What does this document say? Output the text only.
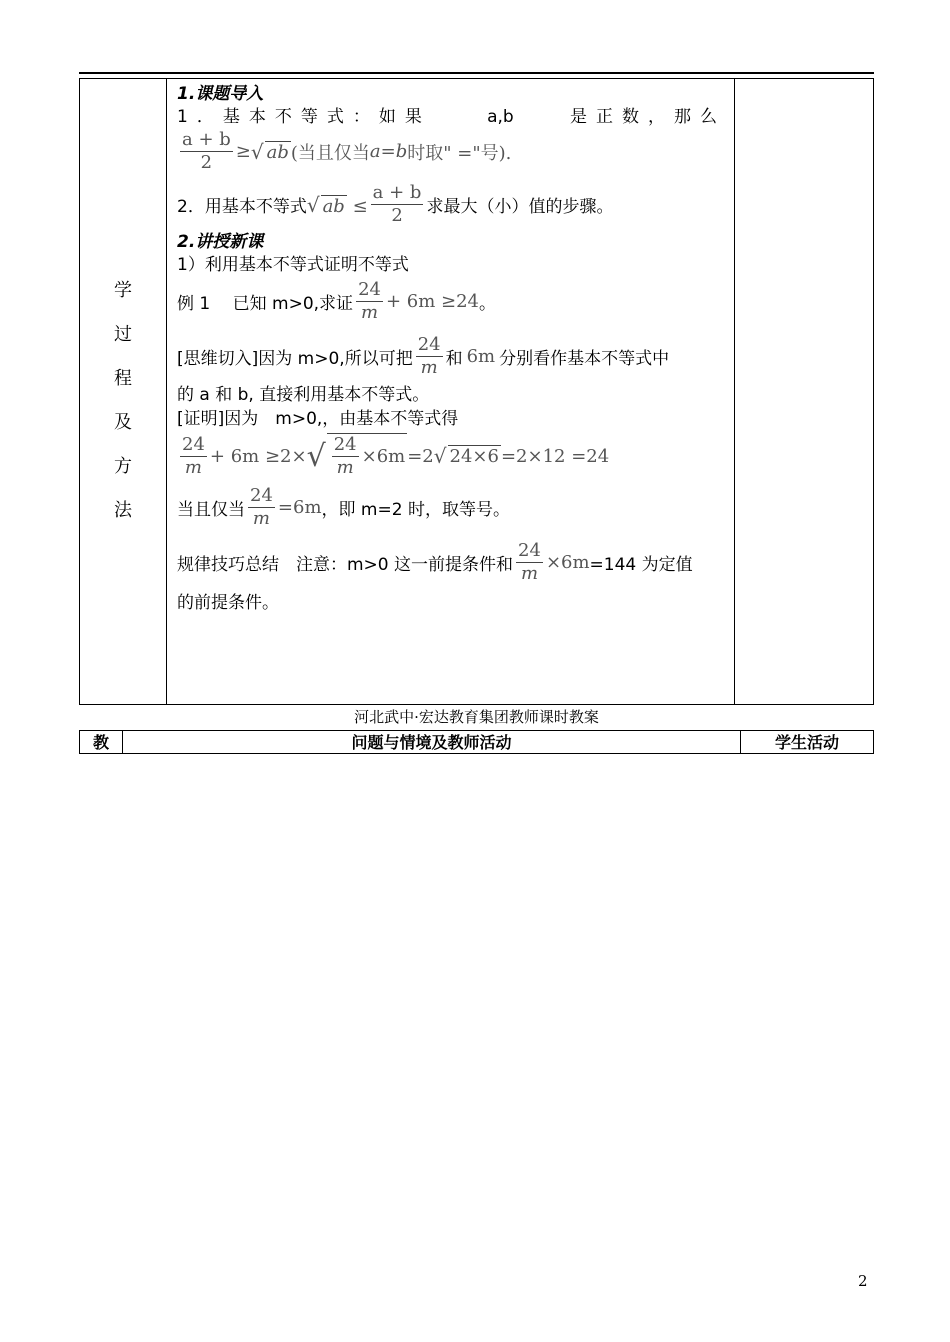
学
过
程
及
方
法

1.课题导入
1．基本不等式：如果	a,b	是正数，那么
$\frac{a + b}{2}$ ≥ √ ab (当且仅当 a = b 时取" ="号).
2．用基本不等式 √ ab ≤ $\frac{a + b}{2}$ 求最大（小）值的步骤。
2.讲授新课
1）利用基本不等式证明不等式
例 1　 已知 m>0,求证 $\frac{24}{m} + 6m \ge 24$ 。
[思维切入]因为 m>0,所以可把 $\frac{24}{m}$ 和 6m 分别看作基本不等式中
的 a 和 b, 直接利用基本不等式。
[证明]因为　m>0,，由基本不等式得
$\frac{24}{m} + 6m \ge 2\times$ √ $\frac{24}{m} \times 6m =2$ √ 24×6 =2×12 =24
当且仅当 $\frac{24}{m} =6m$ ，即 m=2 时，取等号。
规律技巧总结　注意：m>0 这一前提条件和 $\frac{24}{m} \times 6m =144$ 为定值
的前提条件。

河北武中·宏达教育集团教师课时教案
教	问题与情境及教师活动	学生活动
2
